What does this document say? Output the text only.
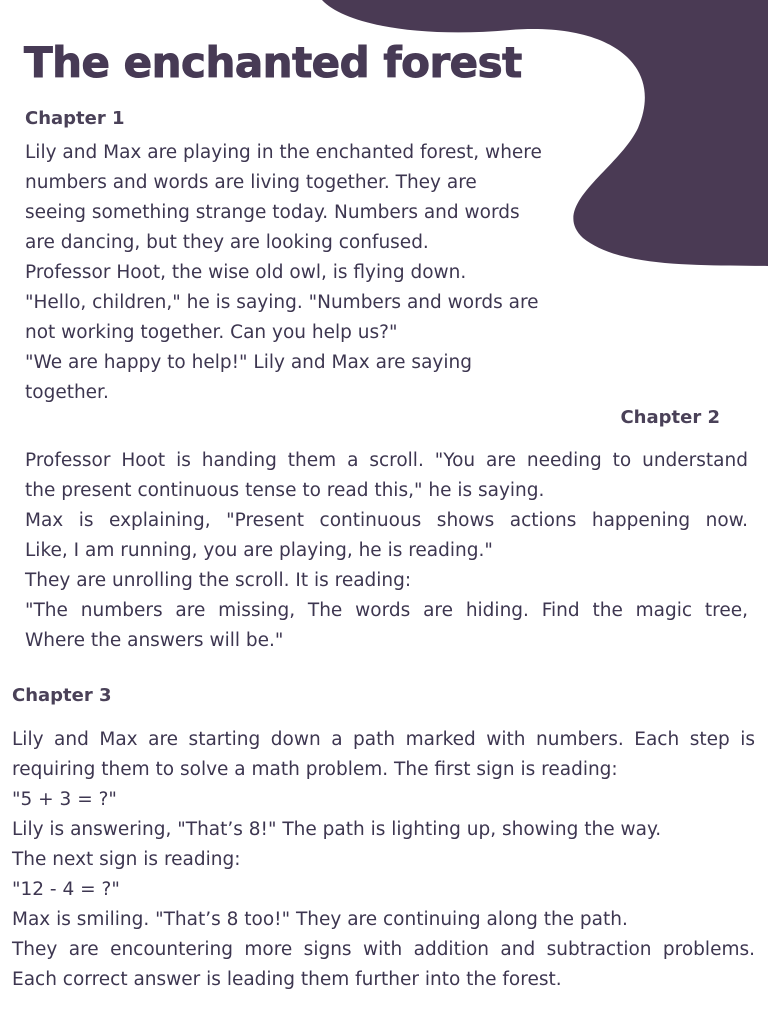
The enchanted forest
Chapter 1
Lily and Max are playing in the enchanted forest, where
numbers and words are living together. They are
seeing something strange today. Numbers and words
are dancing, but they are looking confused.
Professor Hoot, the wise old owl, is flying down.
"Hello, children," he is saying. "Numbers and words are
not working together. Can you help us?"
"We are happy to help!" Lily and Max are saying
together.
Chapter 2
Professor Hoot is handing them a scroll. "You are needing to understand
the present continuous tense to read this," he is saying.
Max is explaining, "Present continuous shows actions happening now.
Like, I am running, you are playing, he is reading."
They are unrolling the scroll. It is reading:
"The numbers are missing, The words are hiding. Find the magic tree,
Where the answers will be."
Chapter 3
Lily and Max are starting down a path marked with numbers. Each step is
requiring them to solve a math problem. The first sign is reading:
"5 + 3 = ?"
Lily is answering, "That’s 8!" The path is lighting up, showing the way.
The next sign is reading:
"12 - 4 = ?"
Max is smiling. "That’s 8 too!" They are continuing along the path.
They are encountering more signs with addition and subtraction problems.
Each correct answer is leading them further into the forest.
